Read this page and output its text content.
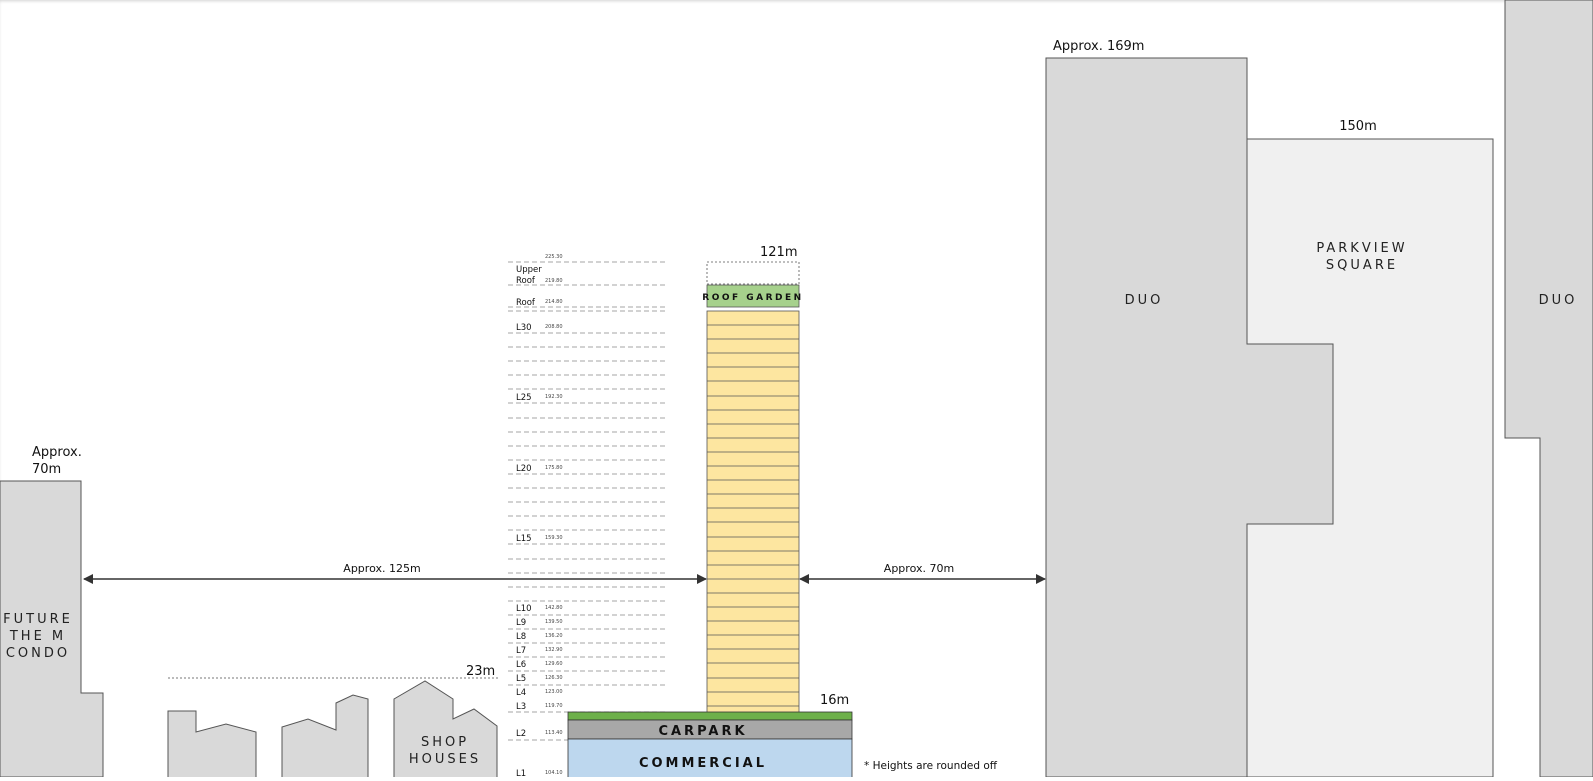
DUO
150m
PARKVIEW
SQUARE
Approx. 169m
DUO
Approx.
70m
FUTURE
THE M
CONDO
23m
SHOP
HOUSES
225.30
Upper
Roof 219.80
Roof 214.80
L30	208.80
L25	192.30
L20	175.80
L15	159.30
L10	142.80
L9	139.50
L8	136.20
L7	132.90
L6	129.60
L5	126.30
L4	123.00
L3	119.70
L2	113.40
L1	104.10
121m
ROOF GARDEN
CARPARK
COMMERCIAL
16m
Approx. 125m	Approx. 70m
* Heights are rounded off
